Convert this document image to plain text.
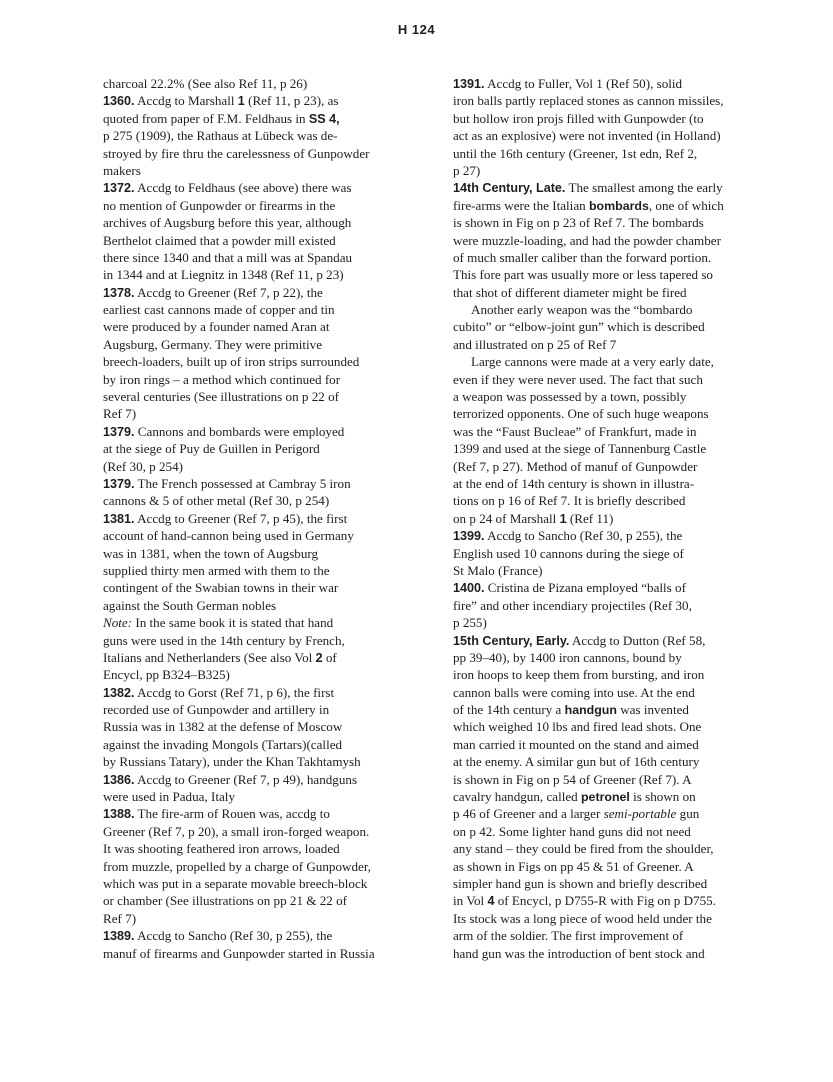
H 124
charcoal 22.2% (See also Ref 11, p 26)
1360. Accdg to Marshall 1 (Ref 11, p 23), as
quoted from paper of F.M. Feldhaus in SS 4,
p 275 (1909), the Rathaus at Lübeck was de-
stroyed by fire thru the carelessness of Gunpowder
makers
1372. Accdg to Feldhaus (see above) there was
no mention of Gunpowder or firearms in the
archives of Augsburg before this year, although
Berthelot claimed that a powder mill existed
there since 1340 and that a mill was at Spandau
in 1344 and at Liegnitz in 1348 (Ref 11, p 23)
1378. Accdg to Greener (Ref 7, p 22), the
earliest cast cannons made of copper and tin
were produced by a founder named Aran at
Augsburg, Germany. They were primitive
breech-loaders, built up of iron strips surrounded
by iron rings – a method which continued for
several centuries (See illustrations on p 22 of
Ref 7)
1379. Cannons and bombards were employed
at the siege of Puy de Guillen in Perigord
(Ref 30, p 254)
1379. The French possessed at Cambray 5 iron
cannons & 5 of other metal (Ref 30, p 254)
1381. Accdg to Greener (Ref 7, p 45), the first
account of hand-cannon being used in Germany
was in 1381, when the town of Augsburg
supplied thirty men armed with them to the
contingent of the Swabian towns in their war
against the South German nobles
Note: In the same book it is stated that hand
guns were used in the 14th century by French,
Italians and Netherlanders (See also Vol 2 of
Encycl, pp B324–B325)
1382. Accdg to Gorst (Ref 71, p 6), the first
recorded use of Gunpowder and artillery in
Russia was in 1382 at the defense of Moscow
against the invading Mongols (Tartars)(called
by Russians Tatary), under the Khan Takhtamysh
1386. Accdg to Greener (Ref 7, p 49), handguns
were used in Padua, Italy
1388. The fire-arm of Rouen was, accdg to
Greener (Ref 7, p 20), a small iron-forged weapon.
It was shooting feathered iron arrows, loaded
from muzzle, propelled by a charge of Gunpowder,
which was put in a separate movable breech-block
or chamber (See illustrations on pp 21 & 22 of
Ref 7)
1389. Accdg to Sancho (Ref 30, p 255), the
manuf of firearms and Gunpowder started in Russia
1391. Accdg to Fuller, Vol 1 (Ref 50), solid
iron balls partly replaced stones as cannon missiles,
but hollow iron projs filled with Gunpowder (to
act as an explosive) were not invented (in Holland)
until the 16th century (Greener, 1st edn, Ref 2,
p 27)
14th Century, Late. The smallest among the early
fire-arms were the Italian bombards, one of which
is shown in Fig on p 23 of Ref 7. The bombards
were muzzle-loading, and had the powder chamber
of much smaller caliber than the forward portion.
This fore part was usually more or less tapered so
that shot of different diameter might be fired
Another early weapon was the “bombardo
cubito” or “elbow-joint gun” which is described
and illustrated on p 25 of Ref 7
Large cannons were made at a very early date,
even if they were never used. The fact that such
a weapon was possessed by a town, possibly
terrorized opponents. One of such huge weapons
was the “Faust Bucleae” of Frankfurt, made in
1399 and used at the siege of Tannenburg Castle
(Ref 7, p 27). Method of manuf of Gunpowder
at the end of 14th century is shown in illustra-
tions on p 16 of Ref 7. It is briefly described
on p 24 of Marshall 1 (Ref 11)
1399. Accdg to Sancho (Ref 30, p 255), the
English used 10 cannons during the siege of
St Malo (France)
1400. Cristina de Pizana employed “balls of
fire” and other incendiary projectiles (Ref 30,
p 255)
15th Century, Early. Accdg to Dutton (Ref 58,
pp 39–40), by 1400 iron cannons, bound by
iron hoops to keep them from bursting, and iron
cannon balls were coming into use. At the end
of the 14th century a handgun was invented
which weighed 10 lbs and fired lead shots. One
man carried it mounted on the stand and aimed
at the enemy. A similar gun but of 16th century
is shown in Fig on p 54 of Greener (Ref 7). A
cavalry handgun, called petronel is shown on
p 46 of Greener and a larger semi-portable gun
on p 42. Some lighter hand guns did not need
any stand – they could be fired from the shoulder,
as shown in Figs on pp 45 & 51 of Greener. A
simpler hand gun is shown and briefly described
in Vol 4 of Encycl, p D755-R with Fig on p D755.
Its stock was a long piece of wood held under the
arm of the soldier. The first improvement of
hand gun was the introduction of bent stock and
